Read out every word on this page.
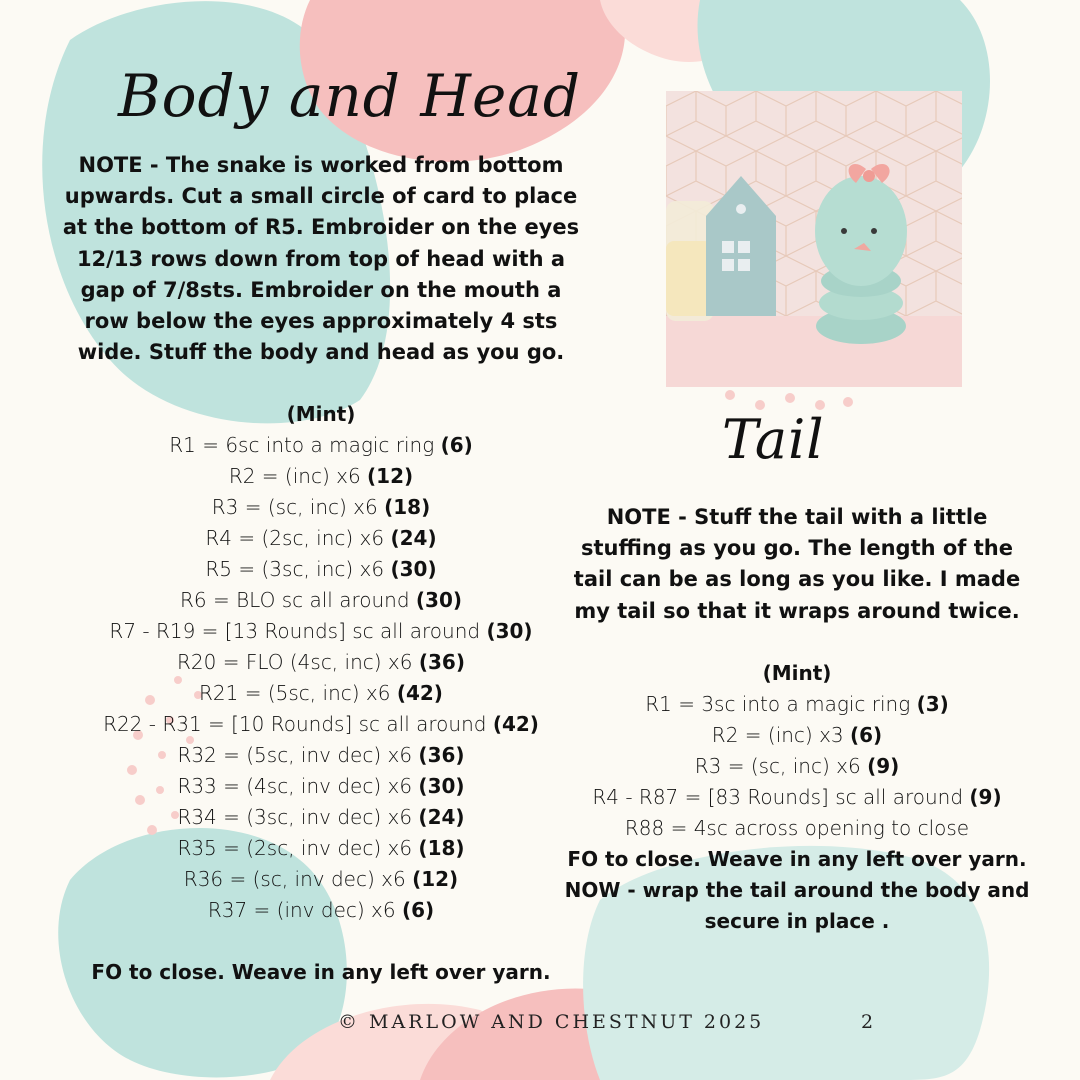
Body and Head

NOTE - The snake is worked from bottom upwards. Cut a small circle of card to place at the bottom of R5. Embroider on the eyes 12/13 rows down from top of head with a gap of 7/8sts. Embroider on the mouth a row below the eyes approximately 4 sts wide. Stuff the body and head as you go.

(Mint)

R1 = 6sc into a magic ring (6)

R2 = (inc) x6 (12)

R3 = (sc, inc) x6 (18)

R4 = (2sc, inc) x6 (24)

R5 = (3sc, inc) x6 (30)

R6 = BLO sc all around (30)

R7 - R19 = [13 Rounds] sc all around (30)

R20 = FLO (4sc, inc) x6 (36)

R21 = (5sc, inc) x6 (42)

R22 - R31 = [10 Rounds] sc all around (42)

R32 = (5sc, inv dec) x6 (36)

R33 = (4sc, inv dec) x6 (30)

R34 = (3sc, inv dec) x6 (24)

R35 = (2sc, inv dec) x6 (18)

R36 = (sc, inv dec) x6 (12)

R37 = (inv dec) x6 (6)

FO to close. Weave in any left over yarn.

Tail

NOTE - Stuff the tail with a little stuffing as you go. The length of the tail can be as long as you like. I made my tail so that it wraps around twice.

(Mint)

R1 = 3sc into a magic ring (3)

R2 = (inc) x3 (6)

R3 = (sc, inc) x6 (9)

R4 - R87 = [83 Rounds] sc all around (9)

R88 = 4sc across opening to close

FO to close. Weave in any left over yarn.

NOW - wrap the tail around the body and secure in place .

© MARLOW AND CHESTNUT 2025	2
